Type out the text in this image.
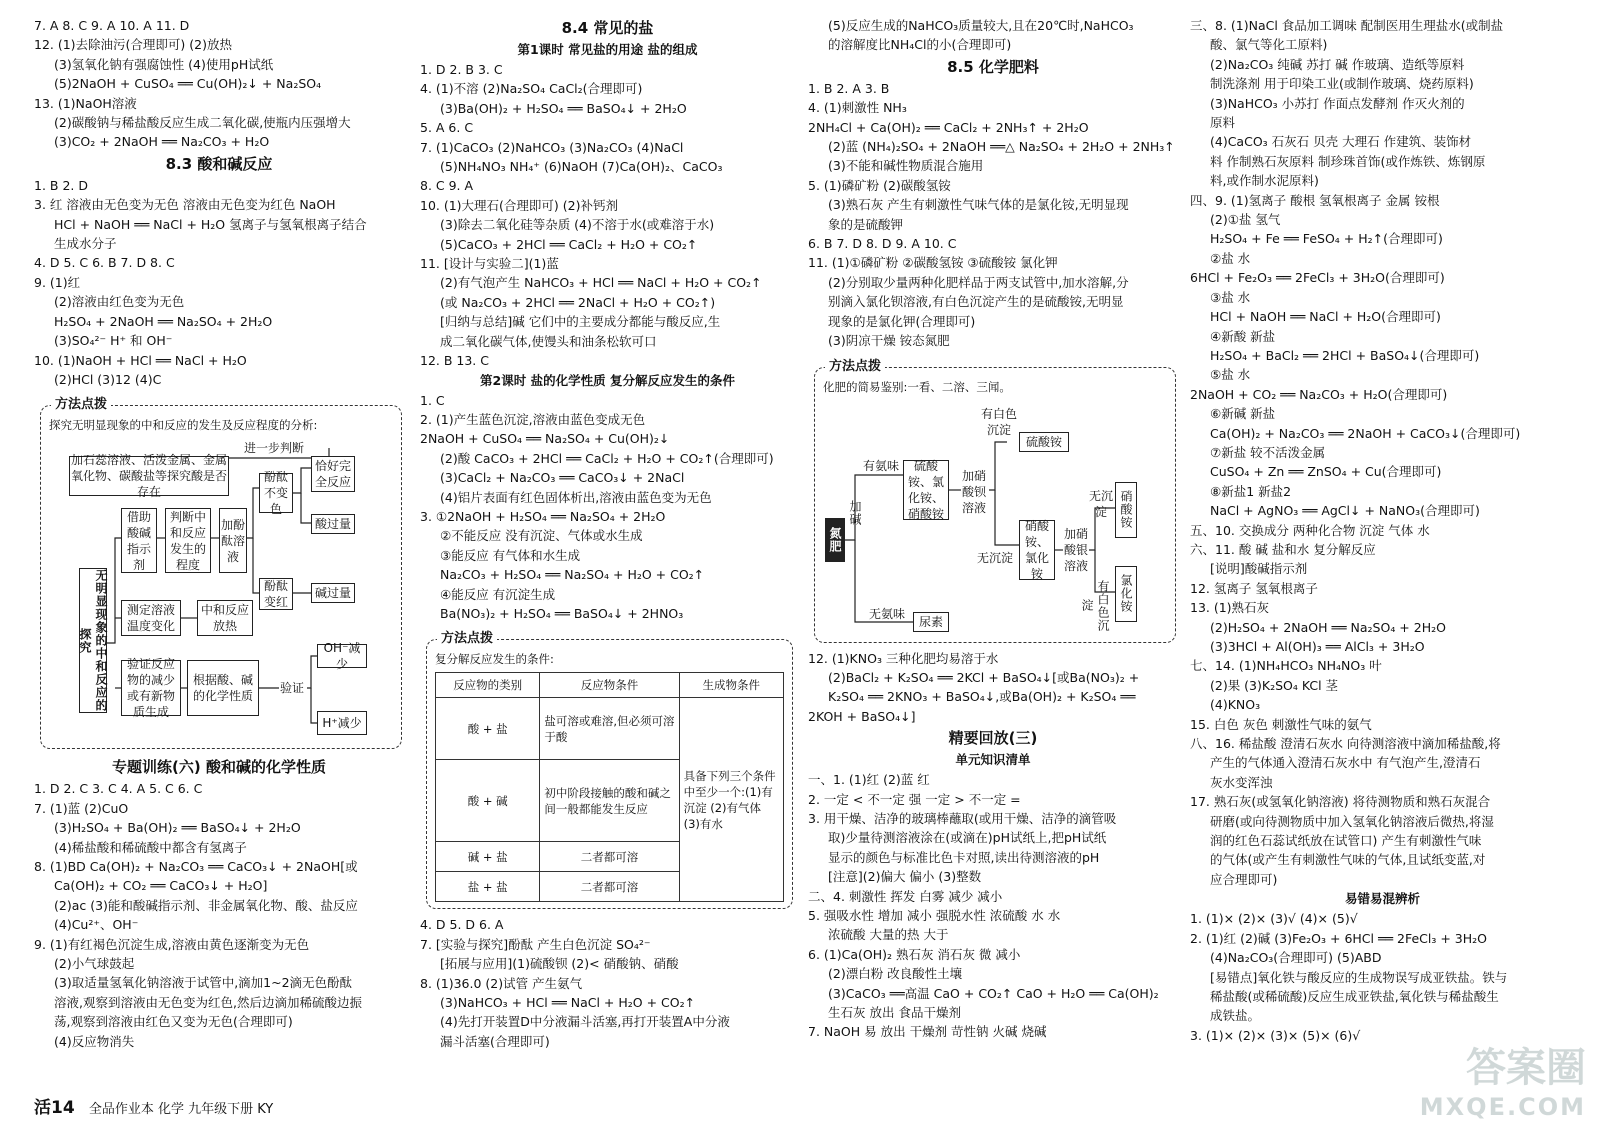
7. A 8. C 9. A 10. A 11. D
12. (1)去除油污(合理即可) (2)放热
(3)氢氧化钠有强腐蚀性 (4)使用pH试纸
(5)2NaOH + CuSO₄ ══ Cu(OH)₂↓ + Na₂SO₄
13. (1)NaOH溶液
(2)碳酸钠与稀盐酸反应生成二氧化碳,使瓶内压强增大
(3)CO₂ + 2NaOH ══ Na₂CO₃ + H₂O
8.3 酸和碱反应
1. B 2. D
3. 红 溶液由无色变为无色 溶液由无色变为红色 NaOH
HCl + NaOH ══ NaCl + H₂O 氢离子与氢氧根离子结合
生成水分子
4. D 5. C 6. B 7. D 8. C
9. (1)红
(2)溶液由红色变为无色
H₂SO₄ + 2NaOH ══ Na₂SO₄ + 2H₂O
(3)SO₄²⁻ H⁺ 和 OH⁻
10. (1)NaOH + HCl ══ NaCl + H₂O
(2)HCl (3)12 (4)C
方法点拨
探究无明显现象的中和反应的发生及反应程度的分析:
进一步判断
加石蕊溶液、活泼金属、金属氧化物、碳酸盐等探究酸是否存在
无明显现象的中和反应的探究
借助酸碱指示剂
判断中和反应发生的程度
加酚酞溶液
酚酞不变色
酚酞变红
恰好完全反应
酸过量
碱过量
测定溶液温度变化
中和反应放热
验证反应物的减少或有新物质生成
根据酸、碱的化学性质
验证
OH⁻减少
H⁺减少
专题训练(六) 酸和碱的化学性质
1. D 2. C 3. C 4. A 5. C 6. C
7. (1)蓝 (2)CuO
(3)H₂SO₄ + Ba(OH)₂ ══ BaSO₄↓ + 2H₂O
(4)稀盐酸和稀硫酸中都含有氢离子
8. (1)BD Ca(OH)₂ + Na₂CO₃ ══ CaCO₃↓ + 2NaOH[或
Ca(OH)₂ + CO₂ ══ CaCO₃↓ + H₂O]
(2)ac (3)能和酸碱指示剂、非金属氧化物、酸、盐反应
(4)Cu²⁺、OH⁻
9. (1)有红褐色沉淀生成,溶液由黄色逐渐变为无色
(2)小气球鼓起
(3)取适量氢氧化钠溶液于试管中,滴加1~2滴无色酚酞
溶液,观察到溶液由无色变为红色,然后边滴加稀硫酸边振
荡,观察到溶液由红色又变为无色(合理即可)
(4)反应物消失
8.4 常见的盐
第1课时 常见盐的用途 盐的组成
1. D 2. B 3. C
4. (1)不溶 (2)Na₂SO₄ CaCl₂(合理即可)
(3)Ba(OH)₂ + H₂SO₄ ══ BaSO₄↓ + 2H₂O
5. A 6. C
7. (1)CaCO₃ (2)NaHCO₃ (3)Na₂CO₃ (4)NaCl
(5)NH₄NO₃ NH₄⁺ (6)NaOH (7)Ca(OH)₂、CaCO₃
8. C 9. A
10. (1)大理石(合理即可) (2)补钙剂
(3)除去二氧化硅等杂质 (4)不溶于水(或难溶于水)
(5)CaCO₃ + 2HCl ══ CaCl₂ + H₂O + CO₂↑
11. [设计与实验二](1)蓝
(2)有气泡产生 NaHCO₃ + HCl ══ NaCl + H₂O + CO₂↑
(或 Na₂CO₃ + 2HCl ══ 2NaCl + H₂O + CO₂↑)
[归纳与总结]碱 它们中的主要成分都能与酸反应,生
成二氧化碳气体,使馒头和油条松软可口
12. B 13. C
第2课时 盐的化学性质 复分解反应发生的条件
1. C
2. (1)产生蓝色沉淀,溶液由蓝色变成无色
2NaOH + CuSO₄ ══ Na₂SO₄ + Cu(OH)₂↓
(2)酸 CaCO₃ + 2HCl ══ CaCl₂ + H₂O + CO₂↑(合理即可)
(3)CaCl₂ + Na₂CO₃ ══ CaCO₃↓ + 2NaCl
(4)铝片表面有红色固体析出,溶液由蓝色变为无色
3. ①2NaOH + H₂SO₄ ══ Na₂SO₄ + 2H₂O
②不能反应 没有沉淀、气体或水生成
③能反应 有气体和水生成
Na₂CO₃ + H₂SO₄ ══ Na₂SO₄ + H₂O + CO₂↑
④能反应 有沉淀生成
Ba(NO₃)₂ + H₂SO₄ ══ BaSO₄↓ + 2HNO₃
方法点拨
复分解反应发生的条件:
反应物的类别	反应物条件	生成物条件
酸 + 盐	盐可溶或难溶,但必须可溶于酸	具备下列三个条件中至少一个:(1)有沉淀 (2)有气体 (3)有水
酸 + 碱	初中阶段接触的酸和碱之间一般都能发生反应	
碱 + 盐	二者都可溶	
盐 + 盐	二者都可溶	
4. D 5. D 6. A
7. [实验与探究]酚酞 产生白色沉淀 SO₄²⁻
[拓展与应用](1)硫酸钡 (2)< 硝酸钠、硝酸
8. (1)36.0 (2)试管 产生氨气
(3)NaHCO₃ + HCl ══ NaCl + H₂O + CO₂↑
(4)先打开装置D中分液漏斗活塞,再打开装置A中分液
漏斗活塞(合理即可)
(5)反应生成的NaHCO₃质量较大,且在20℃时,NaHCO₃
的溶解度比NH₄Cl的小(合理即可)
8.5 化学肥料
1. B 2. A 3. B
4. (1)刺激性 NH₃
2NH₄Cl + Ca(OH)₂ ══ CaCl₂ + 2NH₃↑ + 2H₂O
(2)蓝 (NH₄)₂SO₄ + 2NaOH ══△ Na₂SO₄ + 2H₂O + 2NH₃↑
(3)不能和碱性物质混合施用
5. (1)磷矿粉 (2)碳酸氢铵
(3)熟石灰 产生有刺激性气味气体的是氯化铵,无明显现
象的是硫酸钾
6. B 7. D 8. D 9. A 10. C
11. (1)①磷矿粉 ②碳酸氢铵 ③硫酸铵 氯化钾
(2)分别取少量两种化肥样品于两支试管中,加水溶解,分
别滴入氯化钡溶液,有白色沉淀产生的是硫酸铵,无明显
现象的是氯化钾(合理即可)
(3)阴凉干燥 铵态氮肥
方法点拨
化肥的简易鉴别:一看、二溶、三闻。
氮肥
加碱
有氨味
无氨味
尿素
硫酸铵、氯化铵、硝酸铵
加硝酸钡溶液
有白色沉淀
硫酸铵
无沉淀
硝酸铵、氯化铵
加硝酸银溶液
无沉淀	硝酸铵
有白色沉淀	氯化铵
12. (1)KNO₃ 三种化肥均易溶于水
(2)BaCl₂ + K₂SO₄ ══ 2KCl + BaSO₄↓[或Ba(NO₃)₂ +
K₂SO₄ ══ 2KNO₃ + BaSO₄↓,或Ba(OH)₂ + K₂SO₄ ══
2KOH + BaSO₄↓]
精要回放(三)
单元知识清单
一、1. (1)红 (2)蓝 红
2. 一定 < 不一定 强 一定 > 不一定 =
3. 用干燥、洁净的玻璃棒蘸取(或用干燥、洁净的滴管吸
取)少量待测溶液涂在(或滴在)pH试纸上,把pH试纸
显示的颜色与标准比色卡对照,读出待测溶液的pH
[注意](2)偏大 偏小 (3)整数
二、4. 刺激性 挥发 白雾 减少 减小
5. 强吸水性 增加 减小 强脱水性 浓硫酸 水 水
浓硫酸 大量的热 大于
6. (1)Ca(OH)₂ 熟石灰 消石灰 微 减小
(2)漂白粉 改良酸性土壤
(3)CaCO₃ ══高温 CaO + CO₂↑ CaO + H₂O ══ Ca(OH)₂
生石灰 放出 食品干燥剂
7. NaOH 易 放出 干燥剂 苛性钠 火碱 烧碱
三、8. (1)NaCl 食品加工调味 配制医用生理盐水(或制盐
酸、氯气等化工原料)
(2)Na₂CO₃ 纯碱 苏打 碱 作玻璃、造纸等原料
制洗涤剂 用于印染工业(或制作玻璃、烧药原料)
(3)NaHCO₃ 小苏打 作面点发酵剂 作灭火剂的
原料
(4)CaCO₃ 石灰石 贝壳 大理石 作建筑、装饰材
料 作制熟石灰原料 制珍珠首饰(或作炼铁、炼钢原
料,或作制水泥原料)
四、9. (1)氢离子 酸根 氢氧根离子 金属 铵根
(2)①盐 氢气
H₂SO₄ + Fe ══ FeSO₄ + H₂↑(合理即可)
②盐 水
6HCl + Fe₂O₃ ══ 2FeCl₃ + 3H₂O(合理即可)
③盐 水
HCl + NaOH ══ NaCl + H₂O(合理即可)
④新酸 新盐
H₂SO₄ + BaCl₂ ══ 2HCl + BaSO₄↓(合理即可)
⑤盐 水
2NaOH + CO₂ ══ Na₂CO₃ + H₂O(合理即可)
⑥新碱 新盐
Ca(OH)₂ + Na₂CO₃ ══ 2NaOH + CaCO₃↓(合理即可)
⑦新盐 较不活泼金属
CuSO₄ + Zn ══ ZnSO₄ + Cu(合理即可)
⑧新盐1 新盐2
NaCl + AgNO₃ ══ AgCl↓ + NaNO₃(合理即可)
五、10. 交换成分 两种化合物 沉淀 气体 水
六、11. 酸 碱 盐和水 复分解反应
[说明]酸碱指示剂
12. 氢离子 氢氧根离子
13. (1)熟石灰
(2)H₂SO₄ + 2NaOH ══ Na₂SO₄ + 2H₂O
(3)3HCl + Al(OH)₃ ══ AlCl₃ + 3H₂O
七、14. (1)NH₄HCO₃ NH₄NO₃ 叶
(2)果 (3)K₂SO₄ KCl 茎
(4)KNO₃
15. 白色 灰色 刺激性气味的氨气
八、16. 稀盐酸 澄清石灰水 向待测溶液中滴加稀盐酸,将
产生的气体通入澄清石灰水中 有气泡产生,澄清石
灰水变浑浊
17. 熟石灰(或氢氧化钠溶液) 将待测物质和熟石灰混合
研磨(或向待测物质中加入氢氧化钠溶液后微热,将湿
润的红色石蕊试纸放在试管口) 产生有刺激性气味
的气体(或产生有刺激性气味的气体,且试纸变蓝,对
应合理即可)
易错易混辨析
1. (1)× (2)× (3)√ (4)× (5)√
2. (1)红 (2)碱 (3)Fe₂O₃ + 6HCl ══ 2FeCl₃ + 3H₂O
(4)Na₂CO₃(合理即可) (5)ABD
[易错点]氧化铁与酸反应的生成物误写成亚铁盐。铁与
稀盐酸(或稀硫酸)反应生成亚铁盐,氧化铁与稀盐酸生
成铁盐。
3. (1)× (2)× (3)× (5)× (6)√
活14 全品作业本 化学 九年级下册 KY
答案圈
MXQE.COM
